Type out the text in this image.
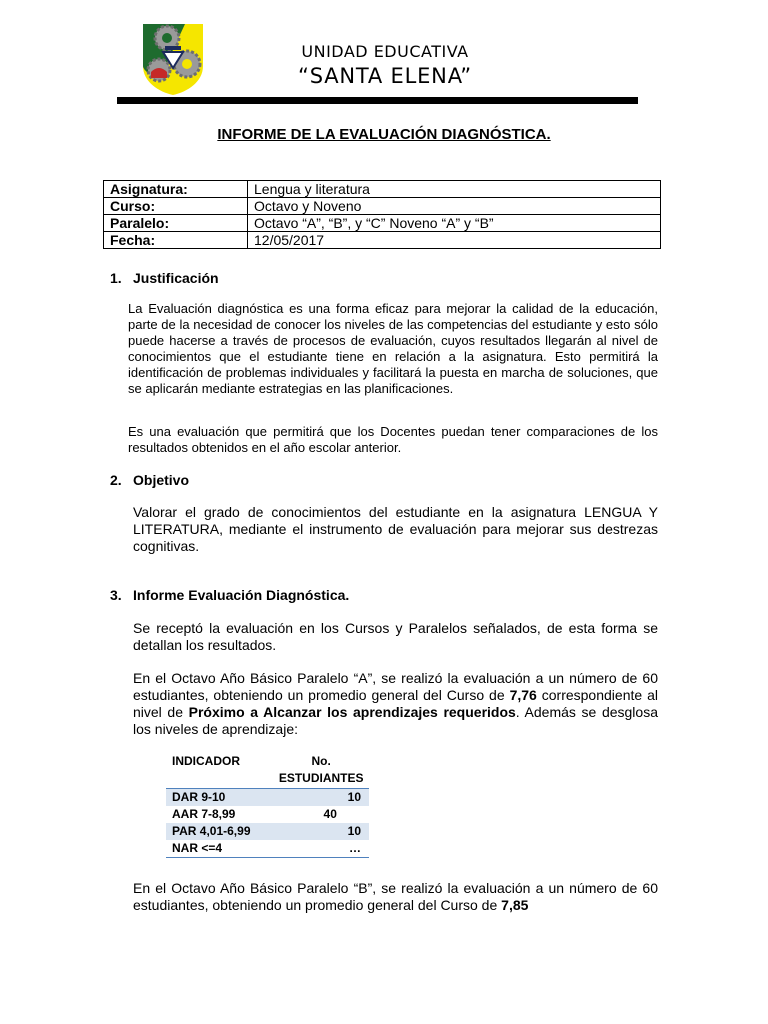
UNIDAD EDUCATIVA
“SANTA ELENA”
INFORME DE LA EVALUACIÓN DIAGNÓSTICA.
Asignatura:	Lengua y literatura
Curso:	Octavo y Noveno
Paralelo:	Octavo “A”, “B”, y “C” Noveno “A” y “B”
Fecha:	12/05/2017
1. Justificación
La Evaluación diagnóstica es una forma eficaz para mejorar la calidad de la educación, parte de la necesidad de conocer los niveles de las competencias del estudiante y esto sólo puede hacerse a través de procesos de evaluación, cuyos resultados llegarán al nivel de conocimientos que el estudiante tiene en relación a la asignatura. Esto permitirá la identificación de problemas individuales y facilitará la puesta en marcha de soluciones, que se aplicarán mediante estrategias en las planificaciones.
Es una evaluación que permitirá que los Docentes puedan tener comparaciones de los resultados obtenidos en el año escolar anterior.
2. Objetivo
Valorar el grado de conocimientos del estudiante en la asignatura LENGUA Y LITERATURA, mediante el instrumento de evaluación para mejorar sus destrezas cognitivas.
3. Informe Evaluación Diagnóstica.
Se receptó la evaluación en los Cursos y Paralelos señalados, de esta forma se detallan los resultados.
En el Octavo Año Básico Paralelo “A”, se realizó la evaluación a un número de 60 estudiantes, obteniendo un promedio general del Curso de 7,76 correspondiente al nivel de Próximo a Alcanzar los aprendizajes requeridos. Además se desglosa los niveles de aprendizaje:
INDICADOR	No.
ESTUDIANTES
DAR 9-10	10
AAR 7-8,99	40
PAR 4,01-6,99	10
NAR <=4	…
En el Octavo Año Básico Paralelo “B”, se realizó la evaluación a un número de 60 estudiantes, obteniendo un promedio general del Curso de 7,85
